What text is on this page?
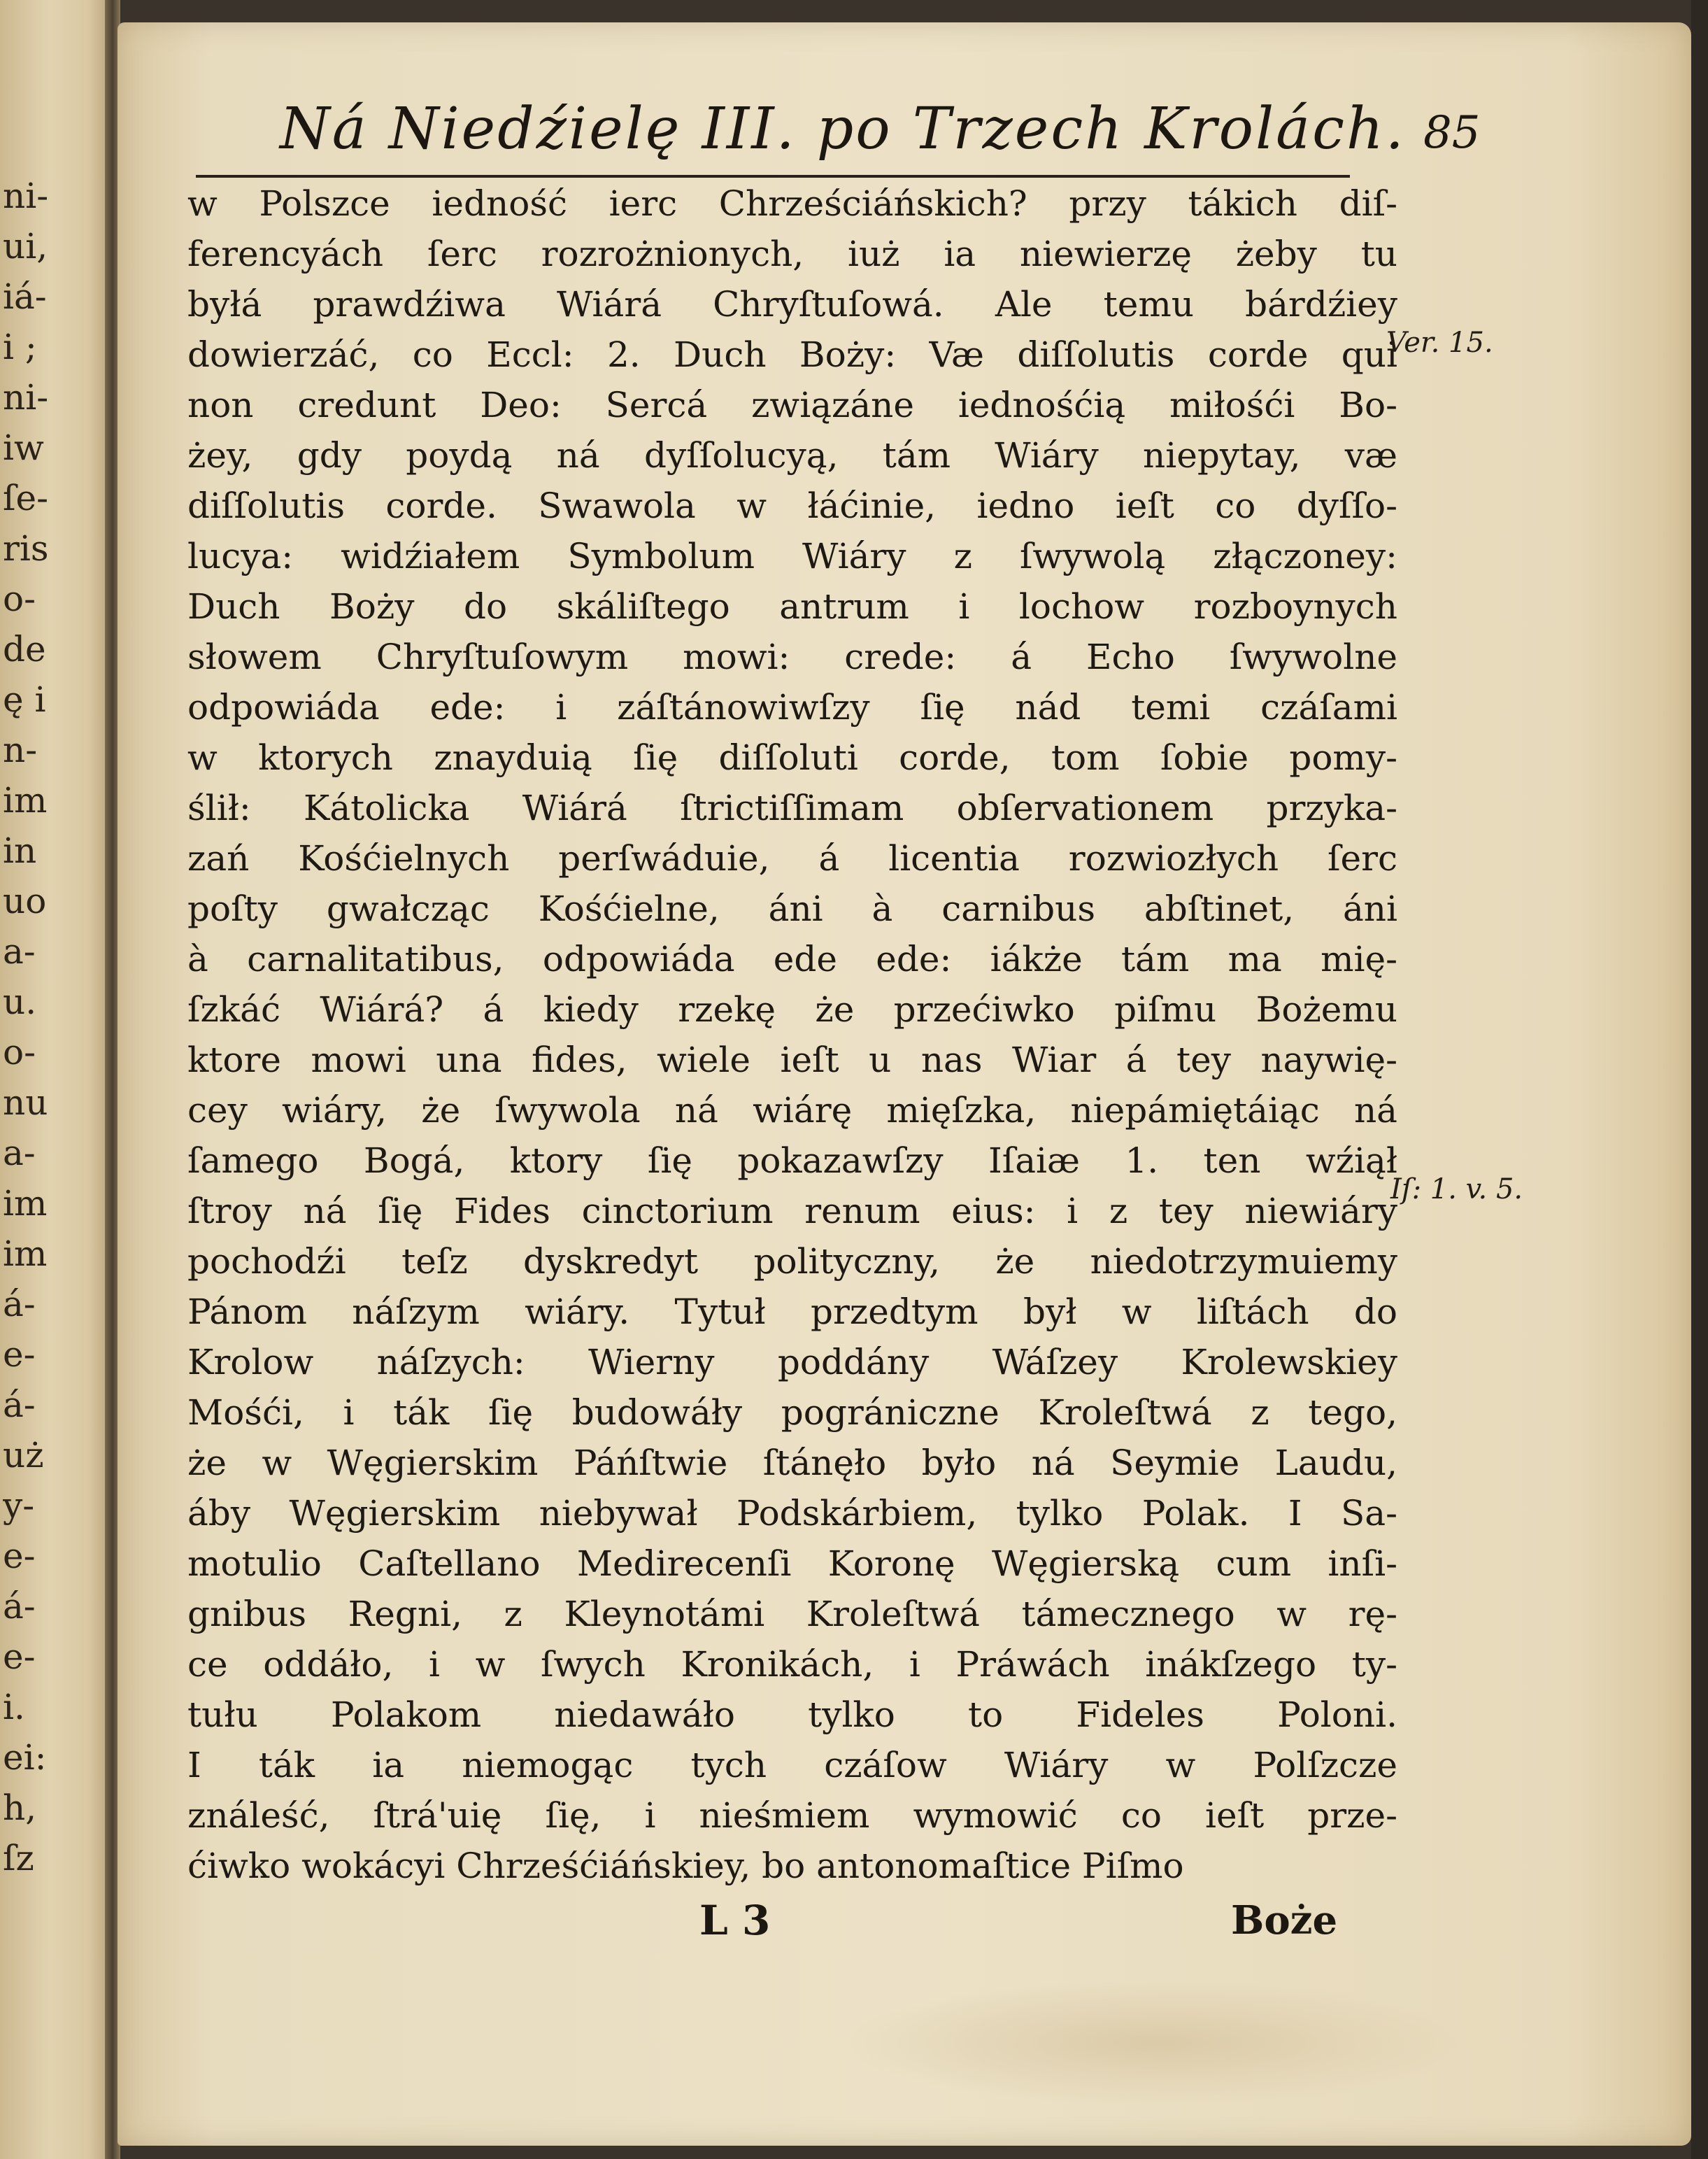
ni-
ui,
iá-
i ;
ni-
iw
ſe-
ris
o-
de
ę i
n-
im
in
uo
a-
u.
o-
nu
a-
im
im
á-
e-
á-
uż
y-
e-
á-
e-
i.
ei:
h,
ſz
Ná Niedźielę III. po Trzech Krolách. 85
w Polszce iedność ierc Chrześciáńskich? przy tákich diſ-
ferencyách ſerc rozrożnionych, iuż ia niewierzę żeby tu
byłá prawdźiwa Wiárá Chryſtuſowá. Ale temu bárdźiey
dowierzáć, co Eccl: 2. Duch Boży: Væ diſſolutis corde qui
non credunt Deo: Sercá związáne iednośćią miłośći Bo-
żey, gdy poydą ná dyſſolucyą, tám Wiáry niepytay, væ
diſſolutis corde. Swawola w łáćinie, iedno ieſt co dyſſo-
lucya: widźiałem Symbolum Wiáry z ſwywolą złączoney:
Duch Boży do skáliſtego antrum i lochow rozboynych
słowem Chryſtuſowym mowi: crede: á Echo ſwywolne
odpowiáda ede: i záſtánowiwſzy ſię nád temi czáſami
w ktorych znayduią ſię diſſoluti corde, tom ſobie pomy-
ślił: Kátolicka Wiárá ſtrictiſſimam obſervationem przyka-
zań Kośćielnych perſwáduie, á licentia rozwiozłych ſerc
poſty gwałcząc Kośćielne, áni à carnibus abſtinet, áni
à carnalitatibus, odpowiáda ede ede: iákże tám ma mię-
ſzkáć Wiárá? á kiedy rzekę że przećiwko piſmu Bożemu
ktore mowi una fides, wiele ieſt u nas Wiar á tey naywię-
cey wiáry, że ſwywola ná wiárę mięſzka, niepámiętáiąc ná
ſamego Bogá, ktory ſię pokazawſzy Iſaiæ 1. ten wźiął
ſtroy ná ſię Fides cinctorium renum eius: i z tey niewiáry
pochodźi teſz dyskredyt polityczny, że niedotrzymuiemy
Pánom náſzym wiáry. Tytuł przedtym był w liſtách do
Krolow náſzych: Wierny poddány Wáſzey Krolewskiey
Mośći, i ták ſię budowáły pográniczne Kroleſtwá z tego,
że w Węgierskim Páńſtwie ſtánęło było ná Seymie Laudu,
áby Węgierskim niebywał Podskárbiem, tylko Polak. I Sa-
motulio Caſtellano Medirecenſi Koronę Węgierską cum inſi-
gnibus Regni, z Kleynotámi Kroleſtwá támecznego w rę-
ce oddáło, i w ſwych Kronikách, i Práwách inákſzego ty-
tułu Polakom niedawáło tylko to Fideles Poloni.
I ták ia niemogąc tych czáſow Wiáry w Polſzcze
ználeść, ſtrá'uię ſię, i nieśmiem wymowić co ieſt prze-
ćiwko wokácyi Chrześćiáńskiey, bo antonomaſtice Piſmo
Ver. 15.
Iſ: 1. v. 5.
L 3	Boże
